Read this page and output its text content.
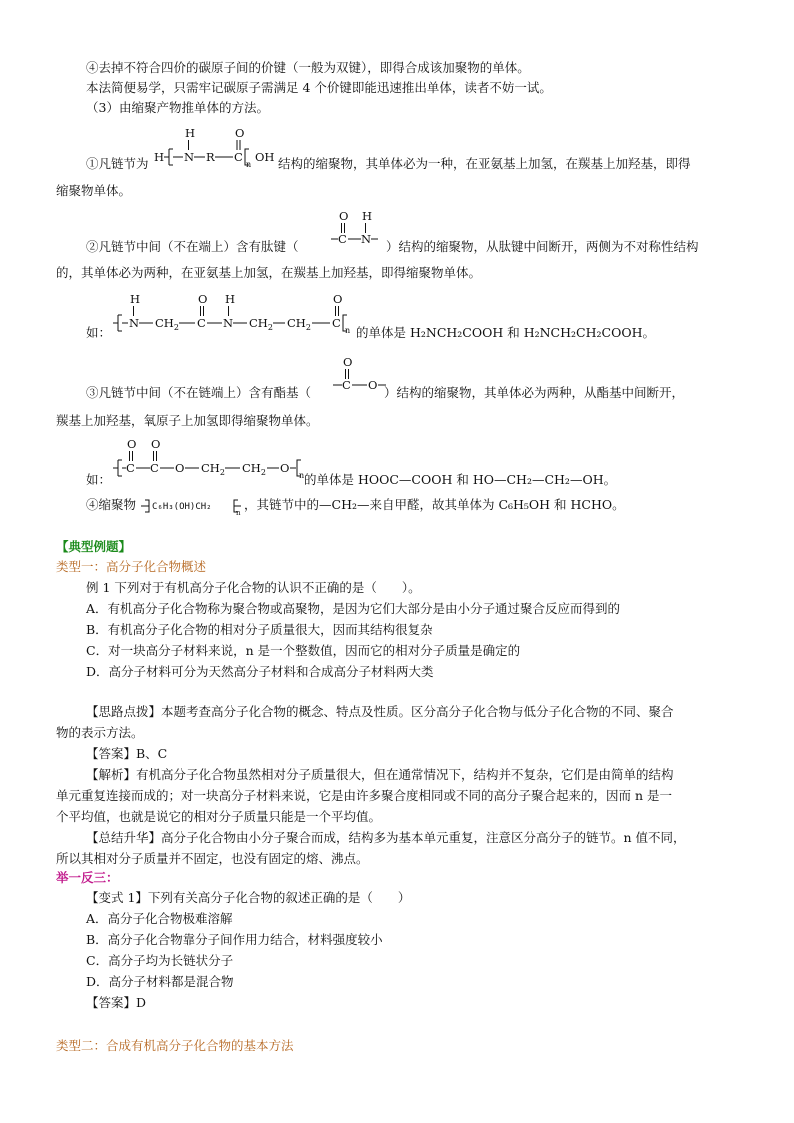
④去掉不符合四价的碳原子间的价键（一般为双键），即得合成该加聚物的单体。
本法简便易学，只需牢记碳原子需满足 4 个价键即能迅速推出单体，读者不妨一试。
（3）由缩聚产物推单体的方法。
①凡链节为
H	O
H N R C
n
OH 结构的缩聚物，其单体必为一种，在亚氨基上加氢，在羰基上加羟基，即得
缩聚物单体。
②凡链节中间（不在端上）含有肽键（
O H
C N ）结构的缩聚物，从肽键中间断开，两侧为不对称性结构
的，其单体必为两种，在亚氨基上加氢，在羰基上加羟基，即得缩聚物单体。
如：
H	O H	O
N $CH_2$ C N $CH_2$ $CH_2$ C
n 的单体是 H₂NCH₂COOH 和 H₂NCH₂CH₂COOH。
③凡链节中间（不在链端上）含有酯基（
O
C O ）结构的缩聚物，其单体必为两种，从酯基中间断开，
羰基上加羟基，氧原子上加氢即得缩聚物单体。
如：
O O
C C O $CH_2$ $CH_2$ O
n 的单体是 HOOC—COOH 和 HO—CH₂—CH₂—OH。
④缩聚物 C₆H₃(OH)CH₂
n
，其链节中的—CH₂—来自甲醛，故其单体为 C₆H₅OH 和 HCHO。
【典型例题】
类型一：高分子化合物概述
例 1 下列对于有机高分子化合物的认识不正确的是（　　）。
A．有机高分子化合物称为聚合物或高聚物，是因为它们大部分是由小分子通过聚合反应而得到的
B．有机高分子化合物的相对分子质量很大，因而其结构很复杂
C．对一块高分子材料来说，n 是一个整数值，因而它的相对分子质量是确定的
D．高分子材料可分为天然高分子材料和合成高分子材料两大类
【思路点拨】本题考查高分子化合物的概念、特点及性质。区分高分子化合物与低分子化合物的不同、聚合
物的表示方法。
【答案】B、C
【解析】有机高分子化合物虽然相对分子质量很大，但在通常情况下，结构并不复杂，它们是由简单的结构
单元重复连接而成的；对一块高分子材料来说，它是由许多聚合度相同或不同的高分子聚合起来的，因而 n 是一
个平均值，也就是说它的相对分子质量只能是一个平均值。
【总结升华】高分子化合物由小分子聚合而成，结构多为基本单元重复，注意区分高分子的链节。n 值不同，
所以其相对分子质量并不固定，也没有固定的熔、沸点。
举一反三：
【变式 1】下列有关高分子化合物的叙述正确的是（　　）
A．高分子化合物极难溶解
B．高分子化合物靠分子间作用力结合，材料强度较小
C．高分子均为长链状分子
D．高分子材料都是混合物
【答案】D
类型二：合成有机高分子化合物的基本方法
